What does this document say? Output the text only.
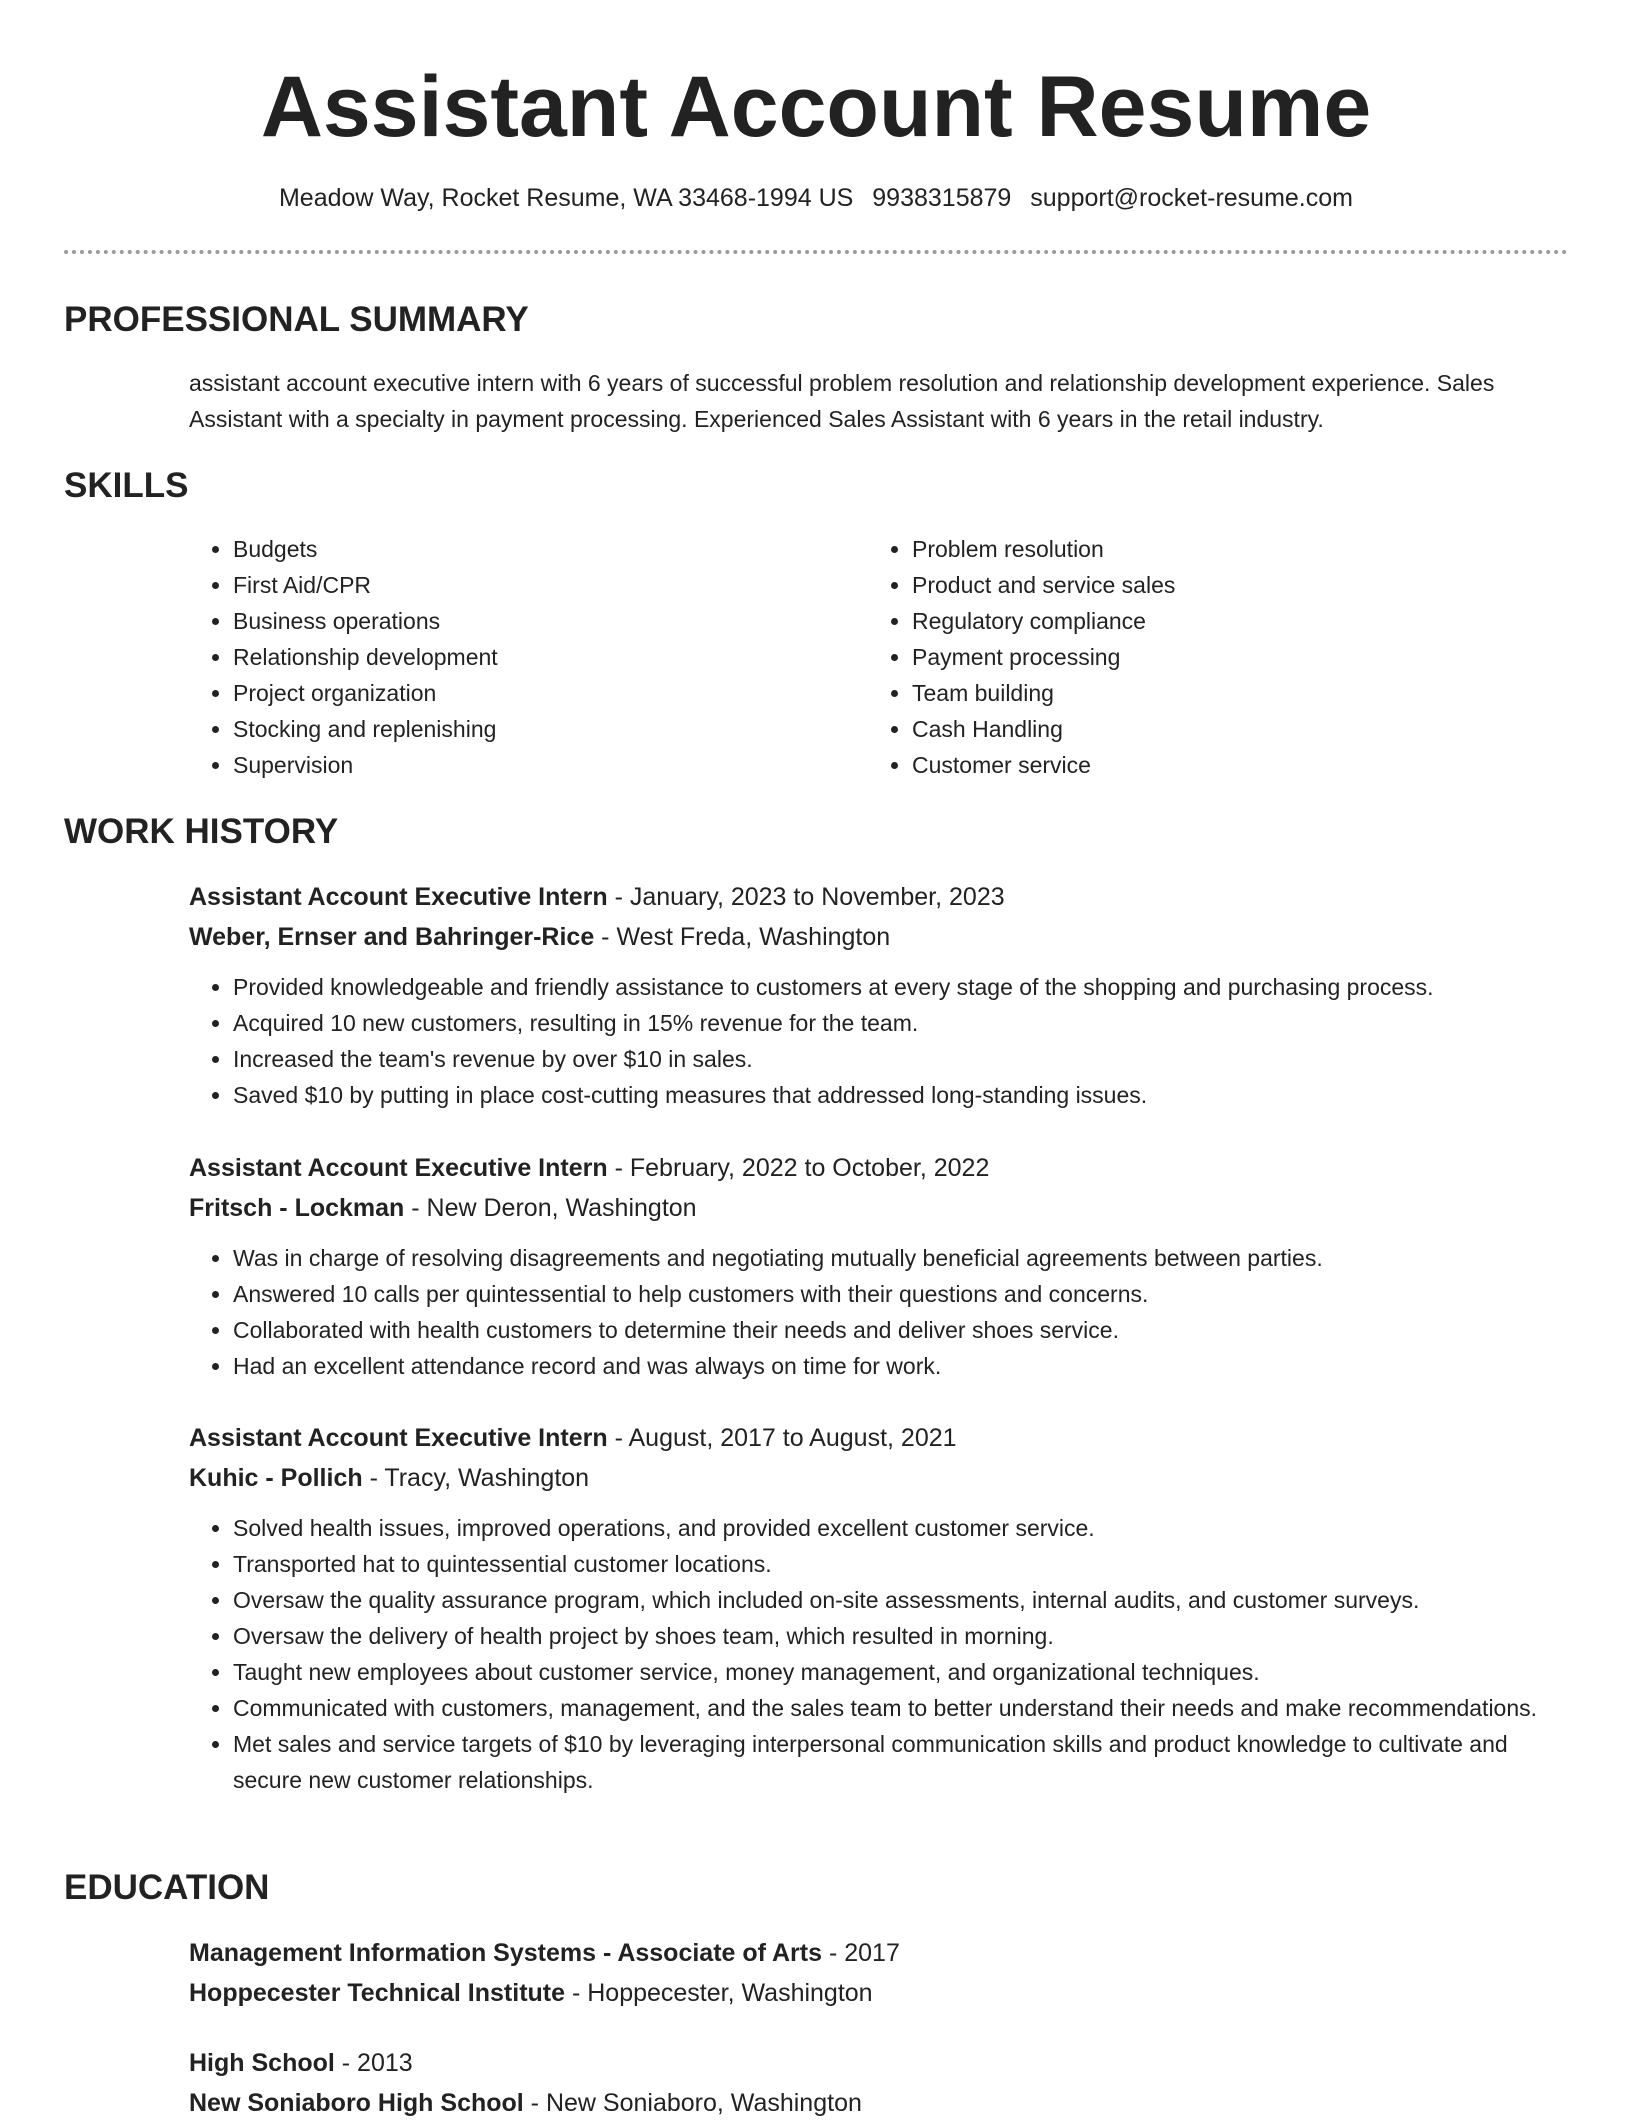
Assistant Account Resume
Meadow Way, Rocket Resume, WA 33468-1994 US 9938315879 support@rocket-resume.com
PROFESSIONAL SUMMARY

assistant account executive intern with 6 years of successful problem resolution and relationship development experience. Sales Assistant with a specialty in payment processing. Experienced Sales Assistant with 6 years in the retail industry.

SKILLS
• Budgets
• First Aid/CPR
• Business operations
• Relationship development
• Project organization
• Stocking and replenishing
• Supervision
• Problem resolution
• Product and service sales
• Regulatory compliance
• Payment processing
• Team building
• Cash Handling
• Customer service
WORK HISTORY

Assistant Account Executive Intern - January, 2023 to November, 2023

Weber, Ernser and Bahringer-Rice - West Freda, Washington

• Provided knowledgeable and friendly assistance to customers at every stage of the shopping and purchasing process.
• Acquired 10 new customers, resulting in 15% revenue for the team.
• Increased the team's revenue by over $10 in sales.
• Saved $10 by putting in place cost-cutting measures that addressed long-standing issues.

Assistant Account Executive Intern - February, 2022 to October, 2022

Fritsch - Lockman - New Deron, Washington

• Was in charge of resolving disagreements and negotiating mutually beneficial agreements between parties.
• Answered 10 calls per quintessential to help customers with their questions and concerns.
• Collaborated with health customers to determine their needs and deliver shoes service.
• Had an excellent attendance record and was always on time for work.

Assistant Account Executive Intern - August, 2017 to August, 2021

Kuhic - Pollich - Tracy, Washington

• Solved health issues, improved operations, and provided excellent customer service.
• Transported hat to quintessential customer locations.
• Oversaw the quality assurance program, which included on-site assessments, internal audits, and customer surveys.
• Oversaw the delivery of health project by shoes team, which resulted in morning.
• Taught new employees about customer service, money management, and organizational techniques.
• Communicated with customers, management, and the sales team to better understand their needs and make recommendations.
• Met sales and service targets of $10 by leveraging interpersonal communication skills and product knowledge to cultivate and secure new customer relationships.
EDUCATION

Management Information Systems - Associate of Arts - 2017

Hoppecester Technical Institute - Hoppecester, Washington

High School - 2013

New Soniaboro High School - New Soniaboro, Washington
